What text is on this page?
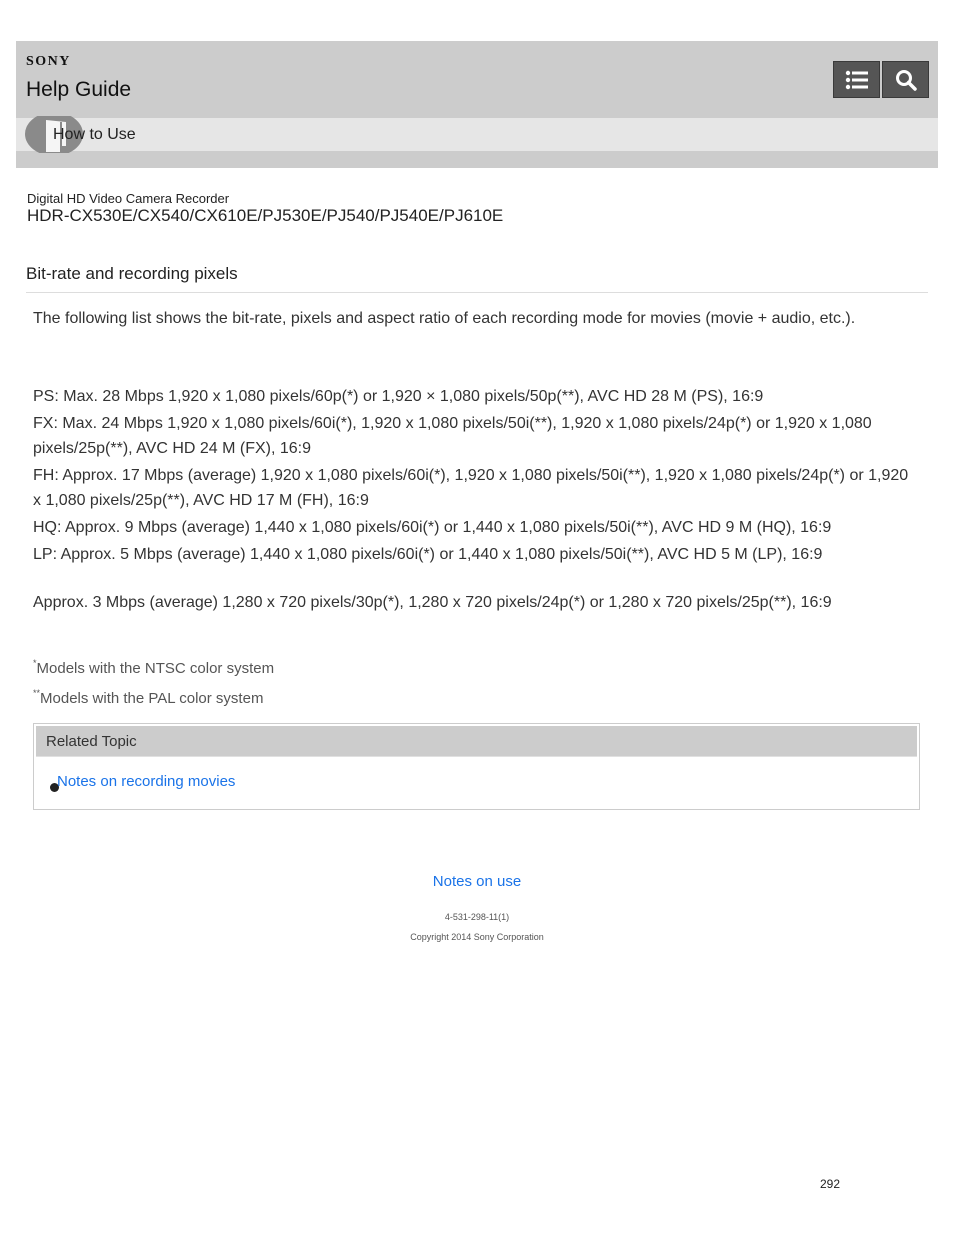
SONY
Help Guide
How to Use
Digital HD Video Camera Recorder
HDR-CX530E/CX540/CX610E/PJ530E/PJ540/PJ540E/PJ610E
Bit-rate and recording pixels

The following list shows the bit-rate, pixels and aspect ratio of each recording mode for movies (movie + audio, etc.).

PS: Max. 28 Mbps 1,920 x 1,080 pixels/60p(*) or 1,920 × 1,080 pixels/50p(**), AVC HD 28 M (PS), 16:9

FX: Max. 24 Mbps 1,920 x 1,080 pixels/60i(*), 1,920 x 1,080 pixels/50i(**), 1,920 x 1,080 pixels/24p(*) or 1,920 x 1,080 pixels/25p(**), AVC HD 24 M (FX), 16:9

FH: Approx. 17 Mbps (average) 1,920 x 1,080 pixels/60i(*), 1,920 x 1,080 pixels/50i(**), 1,920 x 1,080 pixels/24p(*) or 1,920 x 1,080 pixels/25p(**), AVC HD 17 M (FH), 16:9

HQ: Approx. 9 Mbps (average) 1,440 x 1,080 pixels/60i(*) or 1,440 x 1,080 pixels/50i(**), AVC HD 9 M (HQ), 16:9

LP: Approx. 5 Mbps (average) 1,440 x 1,080 pixels/60i(*) or 1,440 x 1,080 pixels/50i(**), AVC HD 5 M (LP), 16:9

Approx. 3 Mbps (average) 1,280 x 720 pixels/30p(*), 1,280 x 720 pixels/24p(*) or 1,280 x 720 pixels/25p(**), 16:9

*Models with the NTSC color system
**Models with the PAL color system
Related Topic
Notes on recording movies
Notes on use
4-531-298-11(1)
Copyright 2014 Sony Corporation
292
